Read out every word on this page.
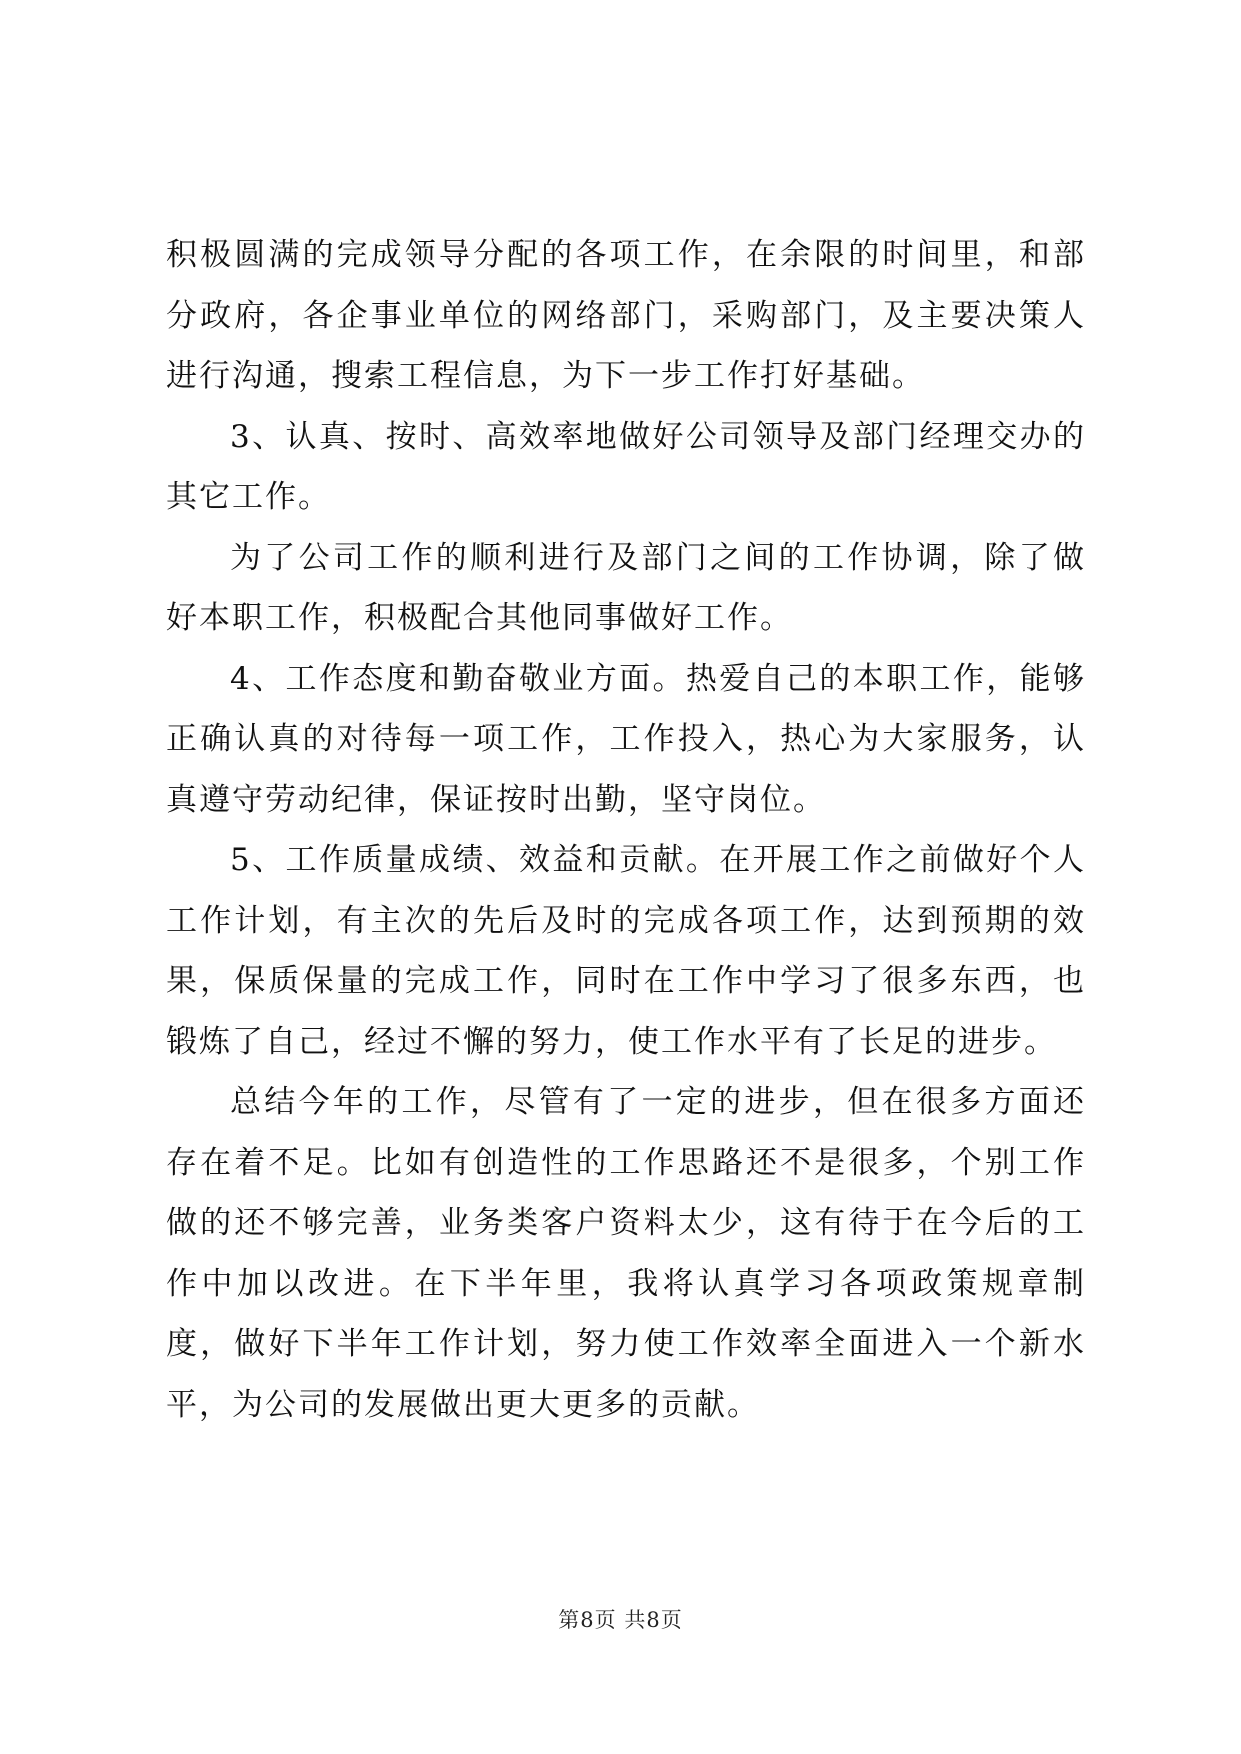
积极圆满的完成领导分配的各项工作，在余限的时间里，和部分政府，各企事业单位的网络部门，采购部门，及主要决策人进行沟通，搜索工程信息，为下一步工作打好基础。

3、认真、按时、高效率地做好公司领导及部门经理交办的其它工作。

为了公司工作的顺利进行及部门之间的工作协调，除了做好本职工作，积极配合其他同事做好工作。

4、工作态度和勤奋敬业方面。热爱自己的本职工作，能够正确认真的对待每一项工作，工作投入，热心为大家服务，认真遵守劳动纪律，保证按时出勤，坚守岗位。

5、工作质量成绩、效益和贡献。在开展工作之前做好个人工作计划，有主次的先后及时的完成各项工作，达到预期的效果，保质保量的完成工作，同时在工作中学习了很多东西，也锻炼了自己，经过不懈的努力，使工作水平有了长足的进步。

总结今年的工作，尽管有了一定的进步，但在很多方面还存在着不足。比如有创造性的工作思路还不是很多，个别工作做的还不够完善，业务类客户资料太少，这有待于在今后的工作中加以改进。在下半年里，我将认真学习各项政策规章制度，做好下半年工作计划，努力使工作效率全面进入一个新水平，为公司的发展做出更大更多的贡献。

第8页 共8页
